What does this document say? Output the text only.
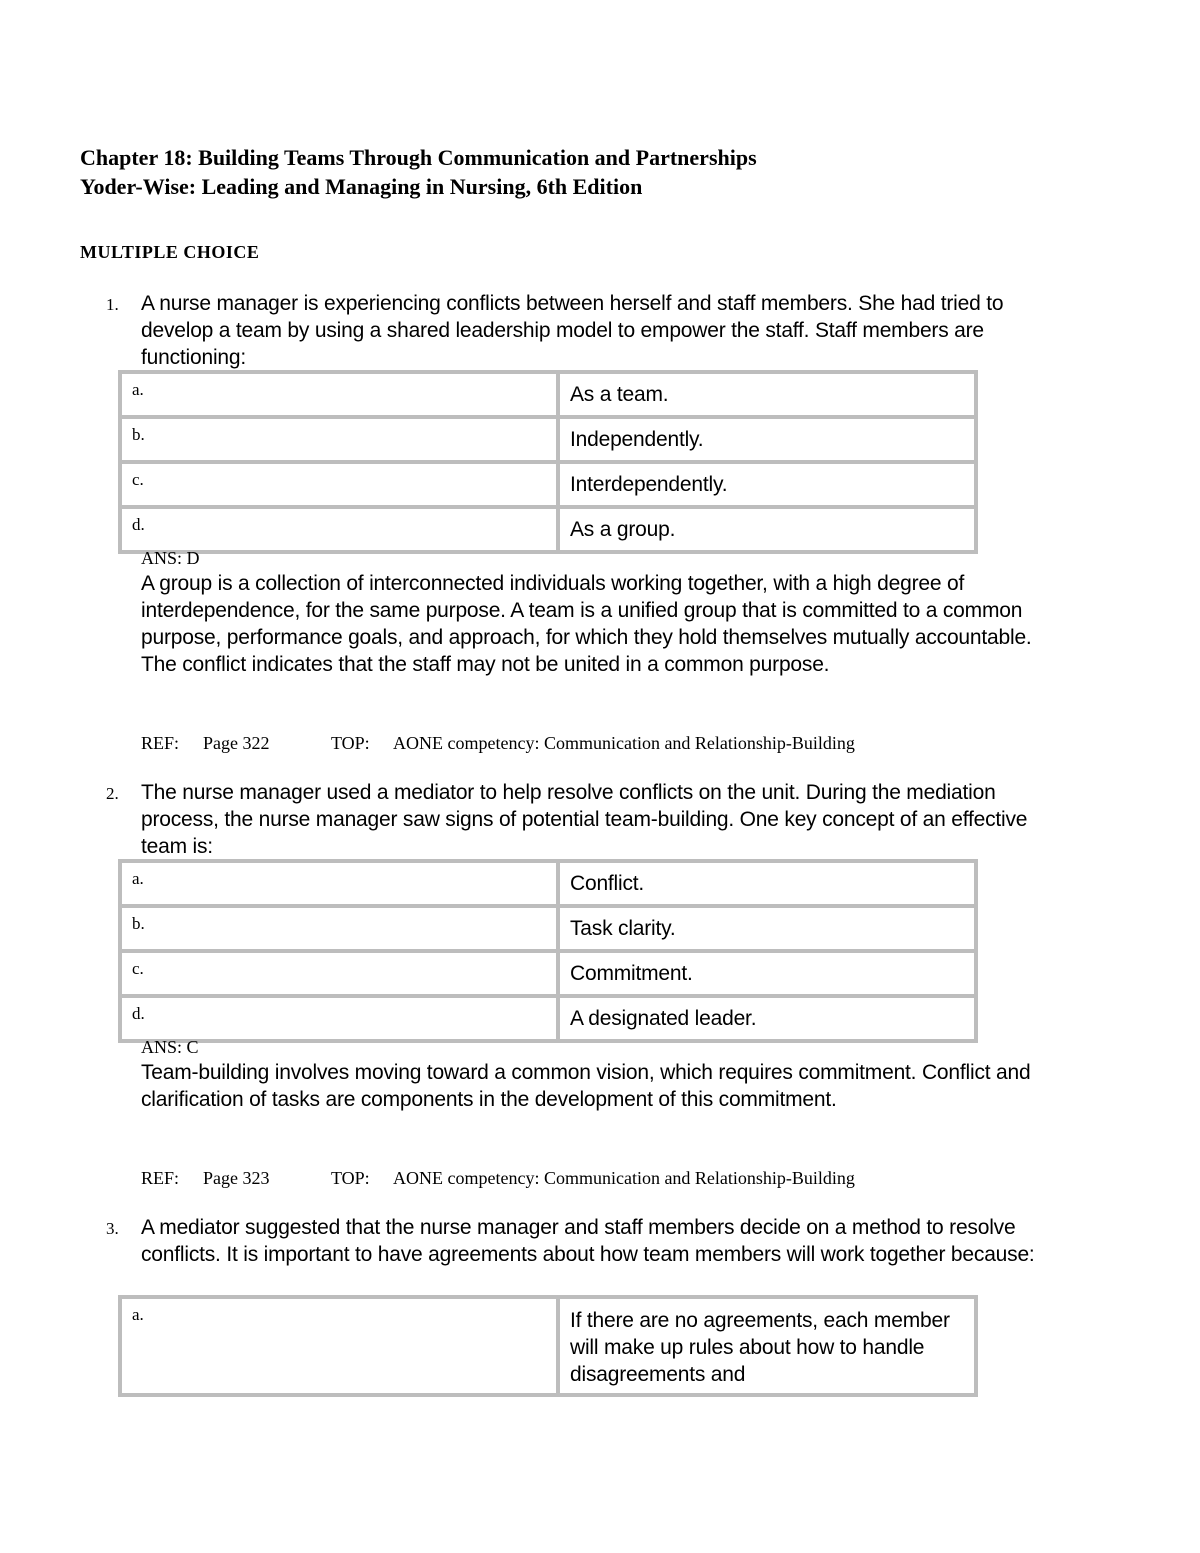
Chapter 18: Building Teams Through Communication and Partnerships
Yoder-Wise: Leading and Managing in Nursing, 6th Edition
MULTIPLE CHOICE
1. A nurse manager is experiencing conflicts between herself and staff members. She had tried to develop a team by using a shared leadership model to empower the staff. Staff members are functioning:
a.	As a team.
b.	Independently.
c.	Interdependently.
d.	As a group.
ANS: D
A group is a collection of interconnected individuals working together, with a high degree of interdependence, for the same purpose. A team is a unified group that is committed to a common purpose, performance goals, and approach, for which they hold themselves mutually accountable. The conflict indicates that the staff may not be united in a common purpose.
REF: Page 322	TOP: AONE competency: Communication and Relationship-Building
2. The nurse manager used a mediator to help resolve conflicts on the unit. During the mediation process, the nurse manager saw signs of potential team-building. One key concept of an effective team is:
a.	Conflict.
b.	Task clarity.
c.	Commitment.
d.	A designated leader.
ANS: C
Team-building involves moving toward a common vision, which requires commitment. Conflict and clarification of tasks are components in the development of this commitment.
REF: Page 323	TOP: AONE competency: Communication and Relationship-Building
3. A mediator suggested that the nurse manager and staff members decide on a method to resolve conflicts. It is important to have agreements about how team members will work together because:
a.	If there are no agreements, each member will make up rules about how to handle disagreements and
